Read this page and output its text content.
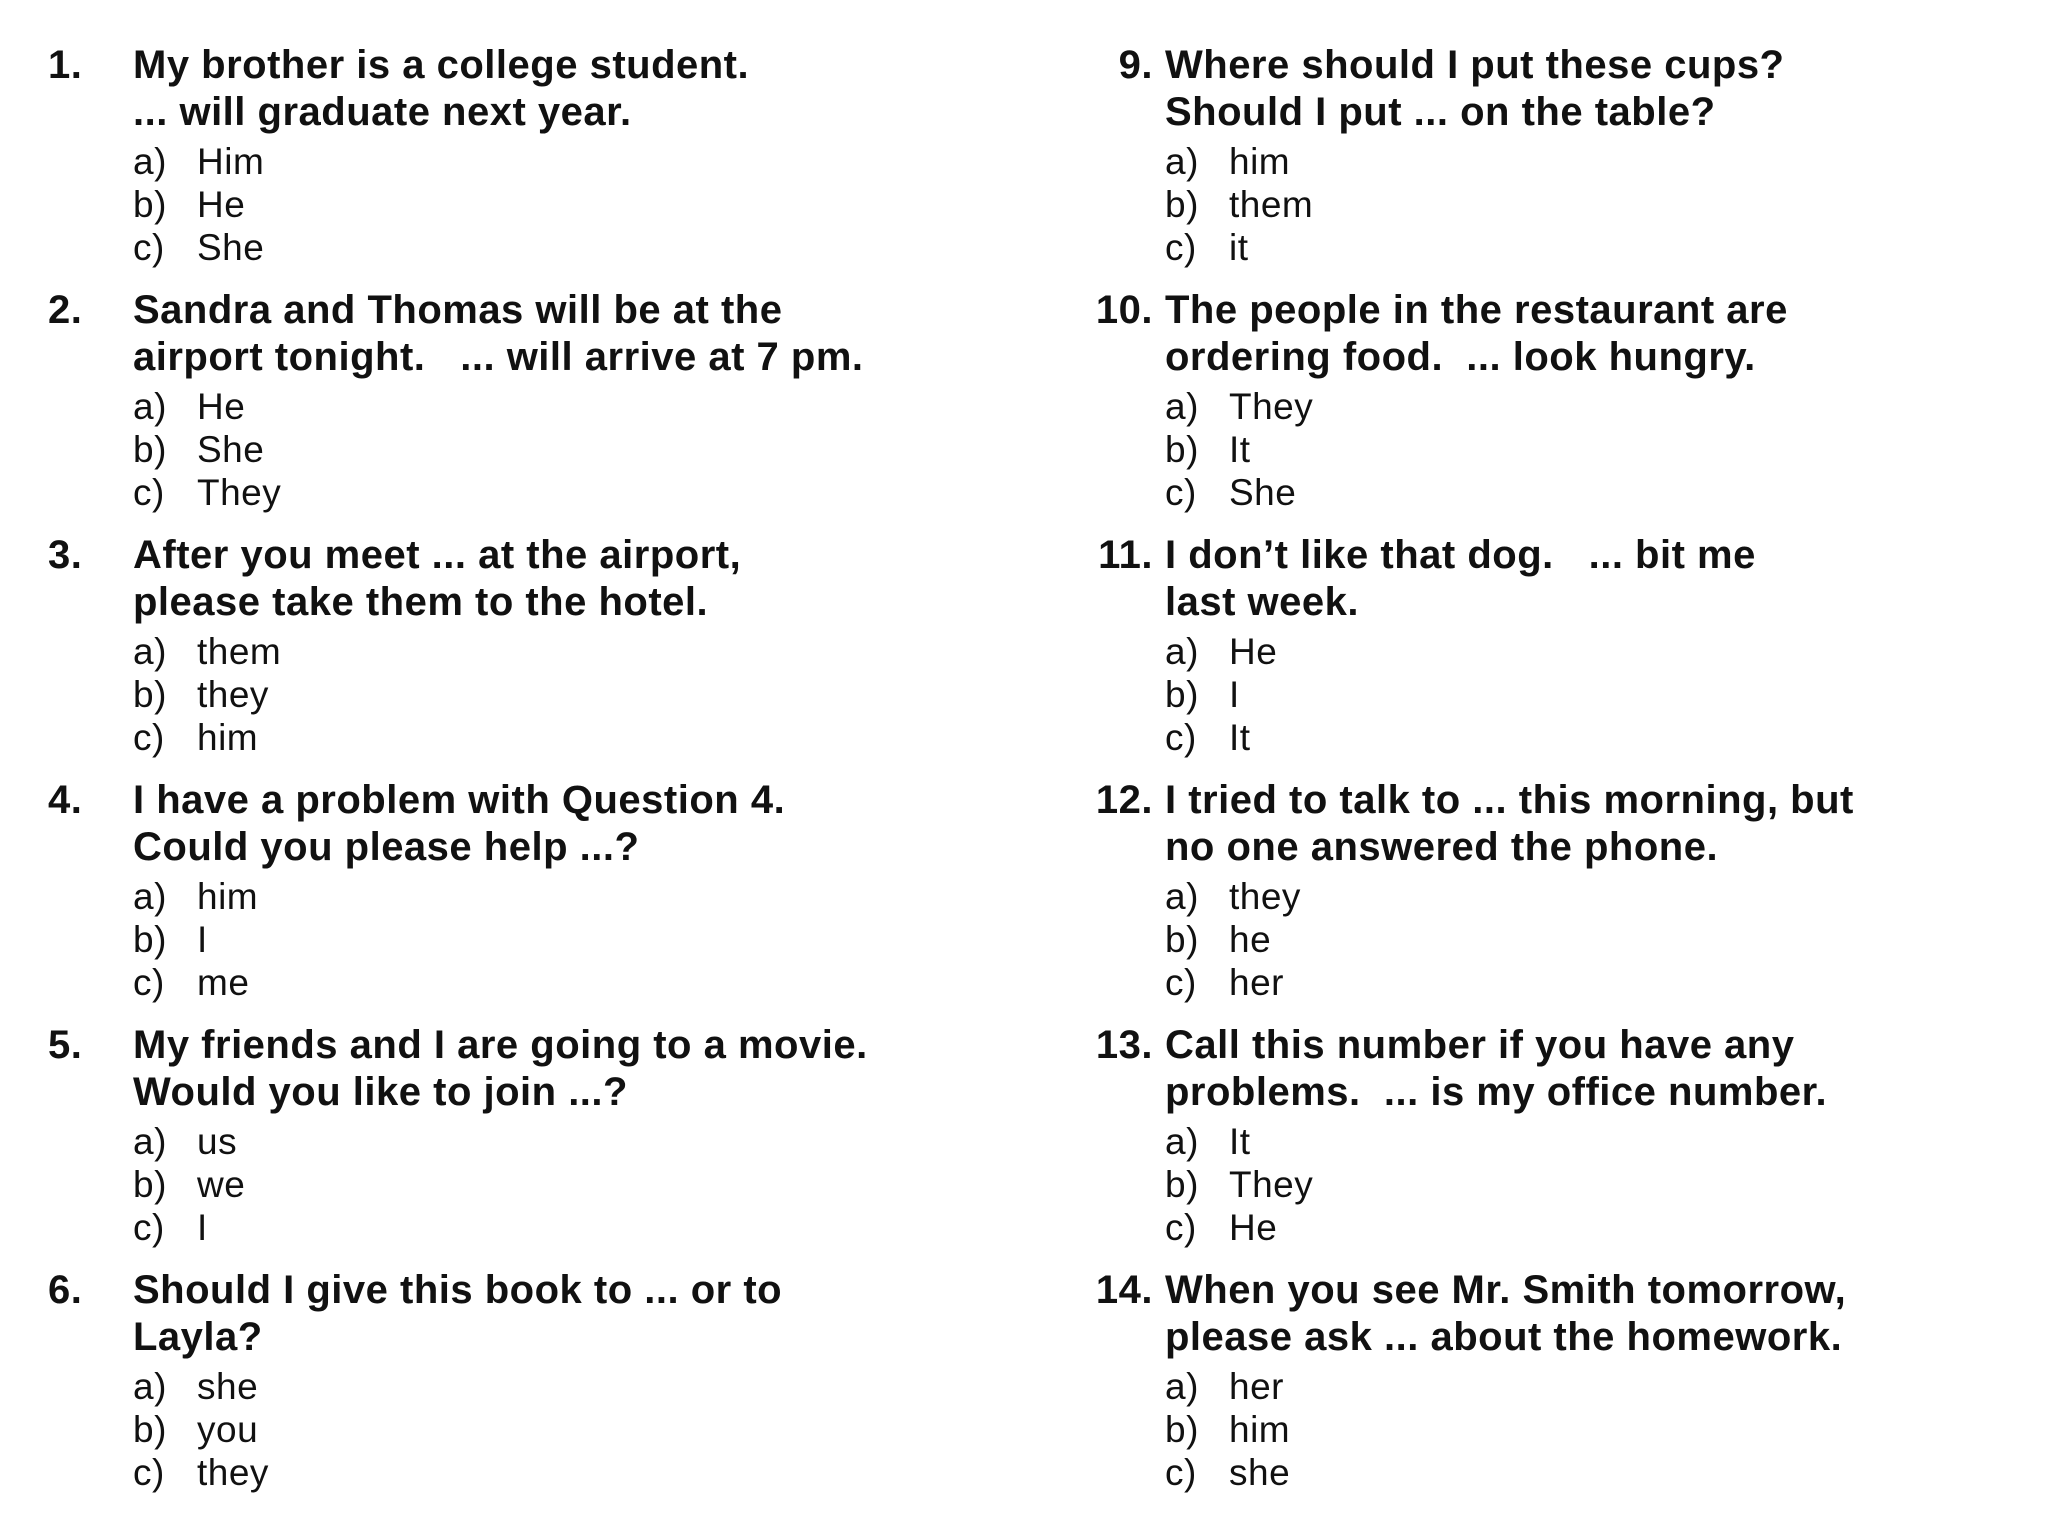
1. My brother is a college student.
... will graduate next year.
a) Him
b) He
c) She
2. Sandra and Thomas will be at the
airport tonight.   ... will arrive at 7 pm.
a) He
b) She
c) They
3. After you meet ... at the airport,
please take them to the hotel.
a) them
b) they
c) him
4. I have a problem with Question 4.
Could you please help ...?
a) him
b) I
c) me
5. My friends and I are going to a movie.
Would you like to join ...?
a) us
b) we
c) I
6. Should I give this book to ... or to
Layla?
a) she
b) you
c) they
9. Where should I put these cups?
Should I put ... on the table?
a) him
b) them
c) it
10. The people in the restaurant are
ordering food.  ... look hungry.
a) They
b) It
c) She
11. I don’t like that dog.   ... bit me
last week.
a) He
b) I
c) It
12. I tried to talk to ... this morning, but
no one answered the phone.
a) they
b) he
c) her
13. Call this number if you have any
problems.  ... is my office number.
a) It
b) They
c) He
14. When you see Mr. Smith tomorrow,
please ask ... about the homework.
a) her
b) him
c) she
